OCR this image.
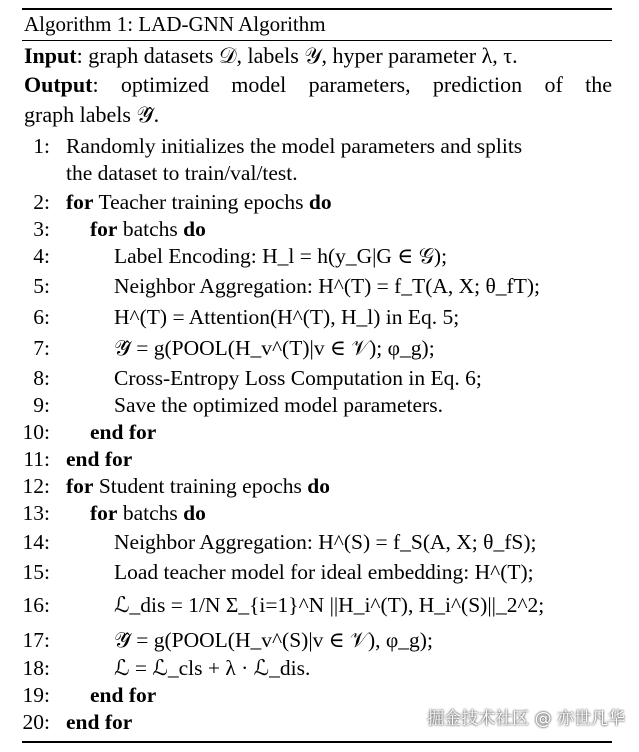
Algorithm 1: LAD-GNN Algorithm
Input: graph datasets 𝒟, labels 𝒴, hyper parameter λ, τ.
Output: optimized model parameters, prediction of the
graph labels 𝒴̂.
1: Randomly initializes the model parameters and splits
the dataset to train/val/test.
2: for Teacher training epochs do
3: for batchs do
4:	Label Encoding: H_l = h(y_G|G ∈ 𝒢);
5:	Neighbor Aggregation: H^(T) = f_T(A, X; θ_fT);
6:	H^(T) = Attention(H^(T), H_l) in Eq. 5;
7:	𝒴̂ = g(POOL(H_v^(T)|v ∈ 𝒱); φ_g);
8:	Cross-Entropy Loss Computation in Eq. 6;
9:	Save the optimized model parameters.
10: end for
11: end for
12: for Student training epochs do
13: for batchs do
14:	Neighbor Aggregation: H^(S) = f_S(A, X; θ_fS);
15:	Load teacher model for ideal embedding: H^(T);
16:	ℒ_dis = 1/N Σ_{i=1}^N ||H_i^(T), H_i^(S)||_2^2;
17:	𝒴̂ = g(POOL(H_v^(S)|v ∈ 𝒱), φ_g);
18:	ℒ = ℒ_cls + λ · ℒ_dis.
19: end for
20: end for	掘金技术社区 @ 亦世凡华
